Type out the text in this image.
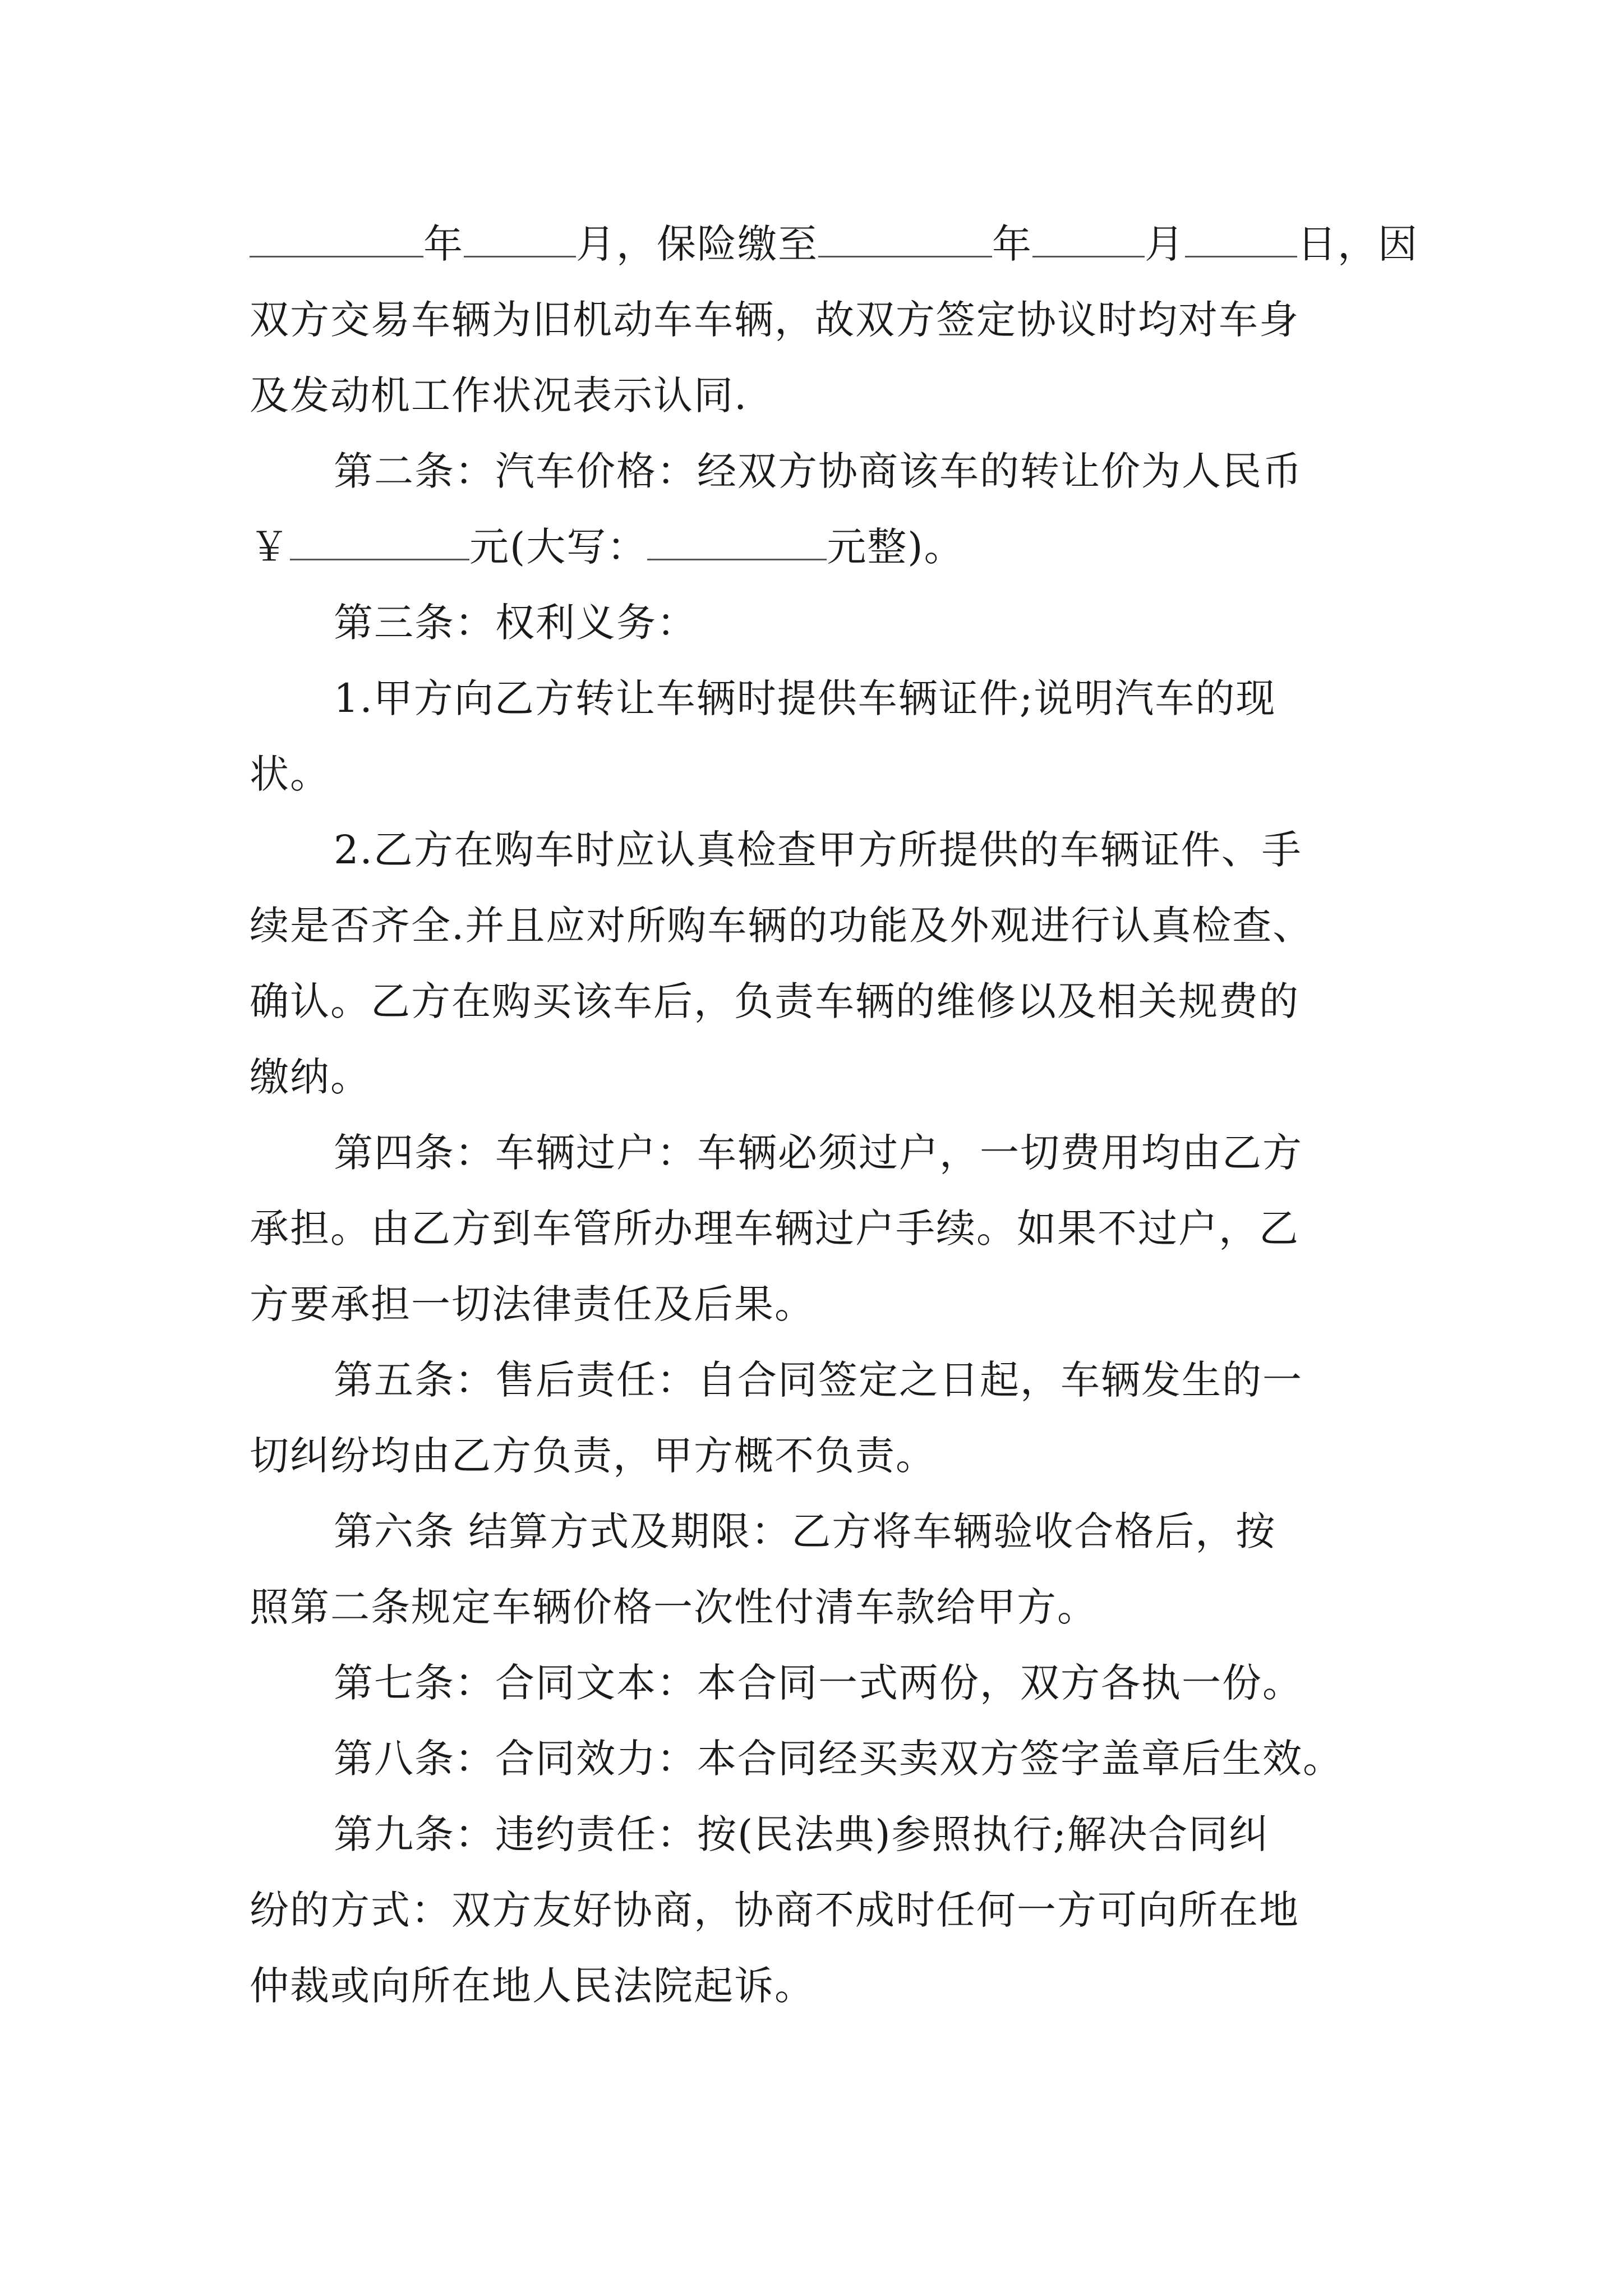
年	月，保险缴至	年	月	日，因
双方交易车辆为旧机动车车辆，故双方签定协议时均对车身
及发动机工作状况表示认同.
第二条：汽车价格：经双方协商该车的转让价为人民币
￥	元(大写：	元整)。
第三条：权利义务：
1.甲方向乙方转让车辆时提供车辆证件;说明汽车的现
状。
2.乙方在购车时应认真检查甲方所提供的车辆证件、手
续是否齐全.并且应对所购车辆的功能及外观进行认真检查、
确认。乙方在购买该车后，负责车辆的维修以及相关规费的
缴纳。
第四条：车辆过户：车辆必须过户，一切费用均由乙方
承担。由乙方到车管所办理车辆过户手续。如果不过户，乙
方要承担一切法律责任及后果。
第五条：售后责任：自合同签定之日起，车辆发生的一
切纠纷均由乙方负责，甲方概不负责。
第六条 结算方式及期限：乙方将车辆验收合格后，按
照第二条规定车辆价格一次性付清车款给甲方。
第七条：合同文本：本合同一式两份，双方各执一份。
第八条：合同效力：本合同经买卖双方签字盖章后生效。
第九条：违约责任：按(民法典)参照执行;解决合同纠
纷的方式：双方友好协商，协商不成时任何一方可向所在地
仲裁或向所在地人民法院起诉。
